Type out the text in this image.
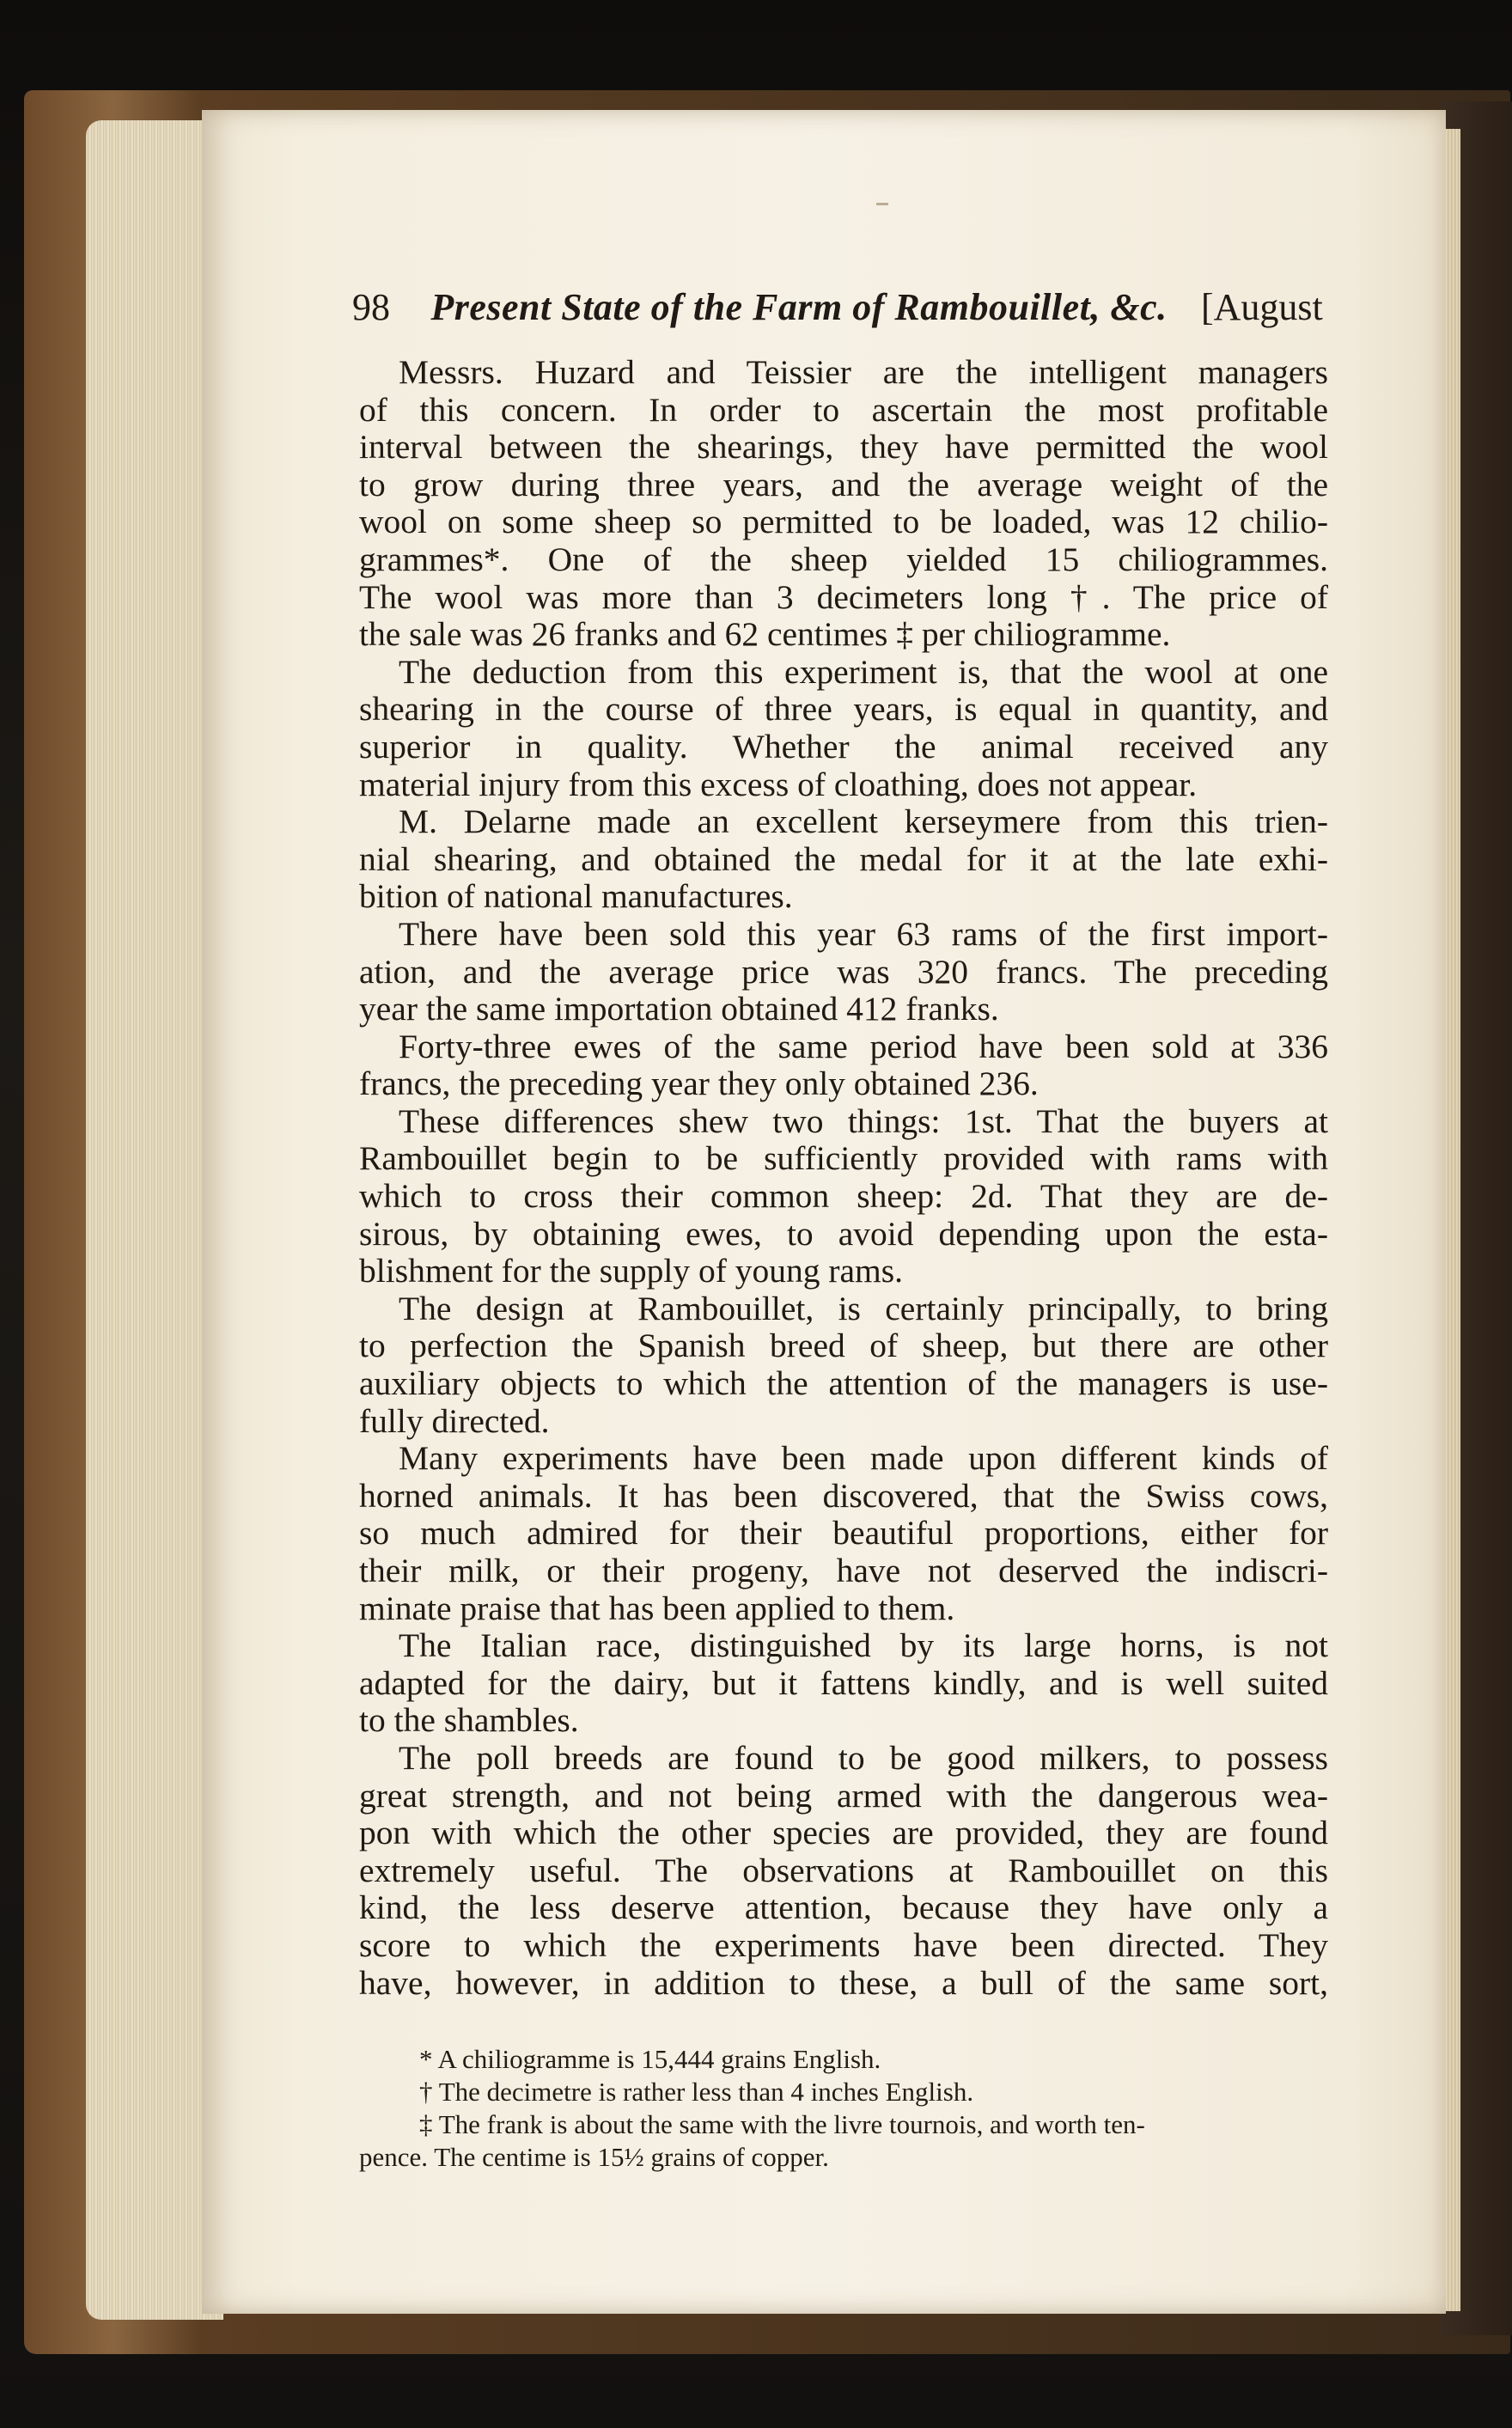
98 Present State of the Farm of Rambouillet, &c. [August
Messrs. Huzard and Teissier are the intelligent managers
of this concern. In order to ascertain the most profitable
interval between the shearings, they have permitted the wool
to grow during three years, and the average weight of the
wool on some sheep so permitted to be loaded, was 12 chilio-
grammes*. One of the sheep yielded 15 chiliogrammes.
The wool was more than 3 decimeters long †. The price of
the sale was 26 franks and 62 centimes ‡ per chiliogramme.
The deduction from this experiment is, that the wool at one
shearing in the course of three years, is equal in quantity, and
superior in quality. Whether the animal received any
material injury from this excess of cloathing, does not appear.
M. Delarne made an excellent kerseymere from this trien-
nial shearing, and obtained the medal for it at the late exhi-
bition of national manufactures.
There have been sold this year 63 rams of the first import-
ation, and the average price was 320 francs. The preceding
year the same importation obtained 412 franks.
Forty-three ewes of the same period have been sold at 336
francs, the preceding year they only obtained 236.
These differences shew two things: 1st. That the buyers at
Rambouillet begin to be sufficiently provided with rams with
which to cross their common sheep: 2d. That they are de-
sirous, by obtaining ewes, to avoid depending upon the esta-
blishment for the supply of young rams.
The design at Rambouillet, is certainly principally, to bring
to perfection the Spanish breed of sheep, but there are other
auxiliary objects to which the attention of the managers is use-
fully directed.
Many experiments have been made upon different kinds of
horned animals. It has been discovered, that the Swiss cows,
so much admired for their beautiful proportions, either for
their milk, or their progeny, have not deserved the indiscri-
minate praise that has been applied to them.
The Italian race, distinguished by its large horns, is not
adapted for the dairy, but it fattens kindly, and is well suited
to the shambles.
The poll breeds are found to be good milkers, to possess
great strength, and not being armed with the dangerous wea-
pon with which the other species are provided, they are found
extremely useful. The observations at Rambouillet on this
kind, the less deserve attention, because they have only a
score to which the experiments have been directed. They
have, however, in addition to these, a bull of the same sort,
* A chiliogramme is 15,444 grains English.
† The decimetre is rather less than 4 inches English.
‡ The frank is about the same with the livre tournois, and worth ten-
pence. The centime is 15½ grains of copper.
